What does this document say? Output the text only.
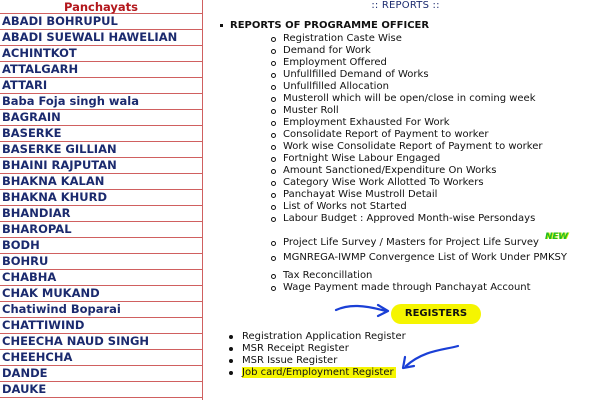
Panchayats
ABADI BOHRUPUL
ABADI SUEWALI HAWELIAN
ACHINTKOT
ATTALGARH
ATTARI
Baba Foja singh wala
BAGRAIN
BASERKE
BASERKE GILLIAN
BHAINI RAJPUTAN
BHAKNA KALAN
BHAKNA KHURD
BHANDIAR
BHAROPAL
BODH
BOHRU
CHABHA
CHAK MUKAND
Chatiwind Boparai
CHATTIWIND
CHEECHA NAUD SINGH
CHEEHCHA
DANDE
DAUKE
:: REPORTS ::
REPORTS OF PROGRAMME OFFICER
Registration Caste Wise
Demand for Work
Employment Offered
Unfullfilled Demand of Works
Unfullfilled Allocation
Musteroll which will be open/close in coming week
Muster Roll
Employment Exhausted For Work
Consolidate Report of Payment to worker
Work wise Consolidate Report of Payment to worker
Fortnight Wise Labour Engaged
Amount Sanctioned/Expenditure On Works
Category Wise Work Allotted To Workers
Panchayat Wise Mustroll Detail
List of Works not Started
Labour Budget : Approved Month-wise Persondays
Project Life Survey / Masters for Project Life Survey
MGNREGA-IWMP Convergence List of Work Under PMKSY
NEW
Tax Reconcillation
Wage Payment made through Panchayat Account
REGISTERS
Registration Application Register
MSR Receipt Register
MSR Issue Register
Job card/Employment Register
